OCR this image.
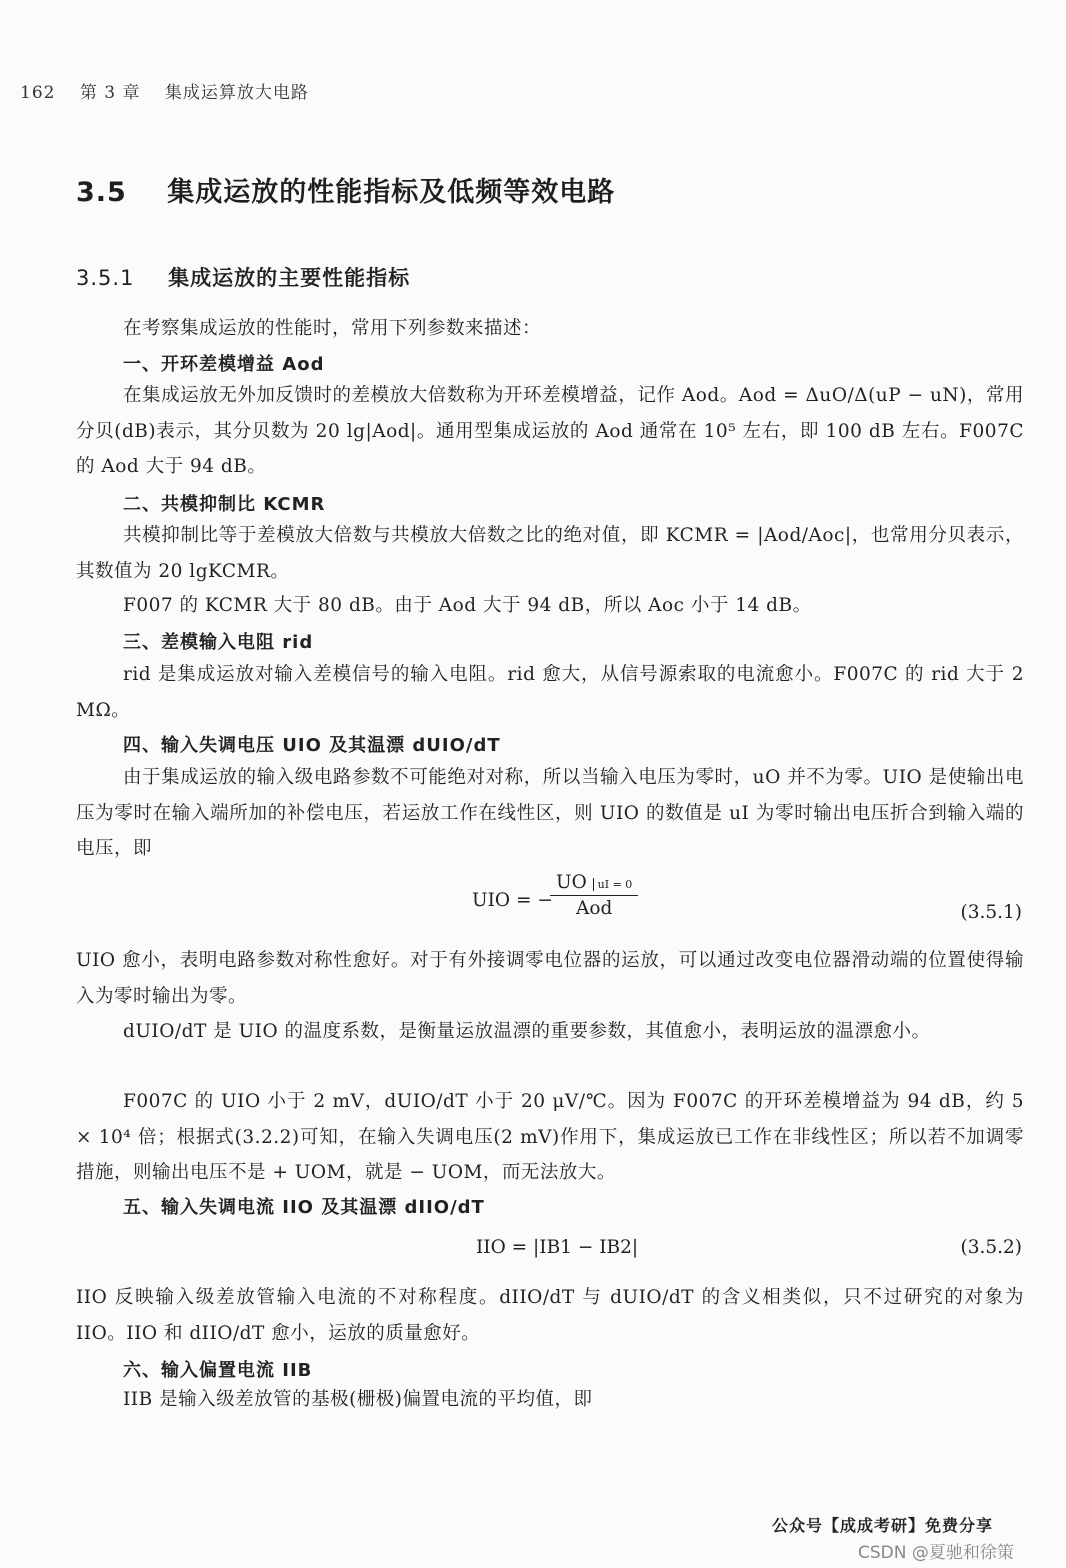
162 第 3 章 集成运算放大电路
3.5 集成运放的性能指标及低频等效电路
3.5.1 集成运放的主要性能指标
在考察集成运放的性能时，常用下列参数来描述：
一、开环差模增益 Aod
在集成运放无外加反馈时的差模放大倍数称为开环差模增益，记作 Aod。Aod = ΔuO/Δ(uP − uN)，常用分贝(dB)表示，其分贝数为 20 lg|Aod|。通用型集成运放的 Aod 通常在 10⁵ 左右，即 100 dB 左右。F007C 的 Aod 大于 94 dB。
二、共模抑制比 KCMR
共模抑制比等于差模放大倍数与共模放大倍数之比的绝对值，即 KCMR = |Aod/Aoc|，也常用分贝表示，其数值为 20 lgKCMR。
F007 的 KCMR 大于 80 dB。由于 Aod 大于 94 dB，所以 Aoc 小于 14 dB。
三、差模输入电阻 rid
rid 是集成运放对输入差模信号的输入电阻。rid 愈大，从信号源索取的电流愈小。F007C 的 rid 大于 2 MΩ。
四、输入失调电压 UIO 及其温漂 dUIO/dT
由于集成运放的输入级电路参数不可能绝对对称，所以当输入电压为零时，uO 并不为零。UIO 是使输出电压为零时在输入端所加的补偿电压，若运放工作在线性区，则 UIO 的数值是 uI 为零时输出电压折合到输入端的电压，即
UIO = −
UO uI = 0
Aod	(3.5.1)
UIO 愈小，表明电路参数对称性愈好。对于有外接调零电位器的运放，可以通过改变电位器滑动端的位置使得输入为零时输出为零。
dUIO/dT 是 UIO 的温度系数，是衡量运放温漂的重要参数，其值愈小，表明运放的温漂愈小。
F007C 的 UIO 小于 2 mV，dUIO/dT 小于 20 μV/℃。因为 F007C 的开环差模增益为 94 dB，约 5 × 10⁴ 倍；根据式(3.2.2)可知，在输入失调电压(2 mV)作用下，集成运放已工作在非线性区；所以若不加调零措施，则输出电压不是 + UOM，就是 − UOM，而无法放大。
五、输入失调电流 IIO 及其温漂 dIIO/dT
IIO = |IB1 − IB2|	(3.5.2)
IIO 反映输入级差放管输入电流的不对称程度。dIIO/dT 与 dUIO/dT 的含义相类似，只不过研究的对象为 IIO。IIO 和 dIIO/dT 愈小，运放的质量愈好。
六、输入偏置电流 IIB
IIB 是输入级差放管的基极(栅极)偏置电流的平均值，即
公众号【成成考研】免费分享
CSDN @夏驰和徐策
